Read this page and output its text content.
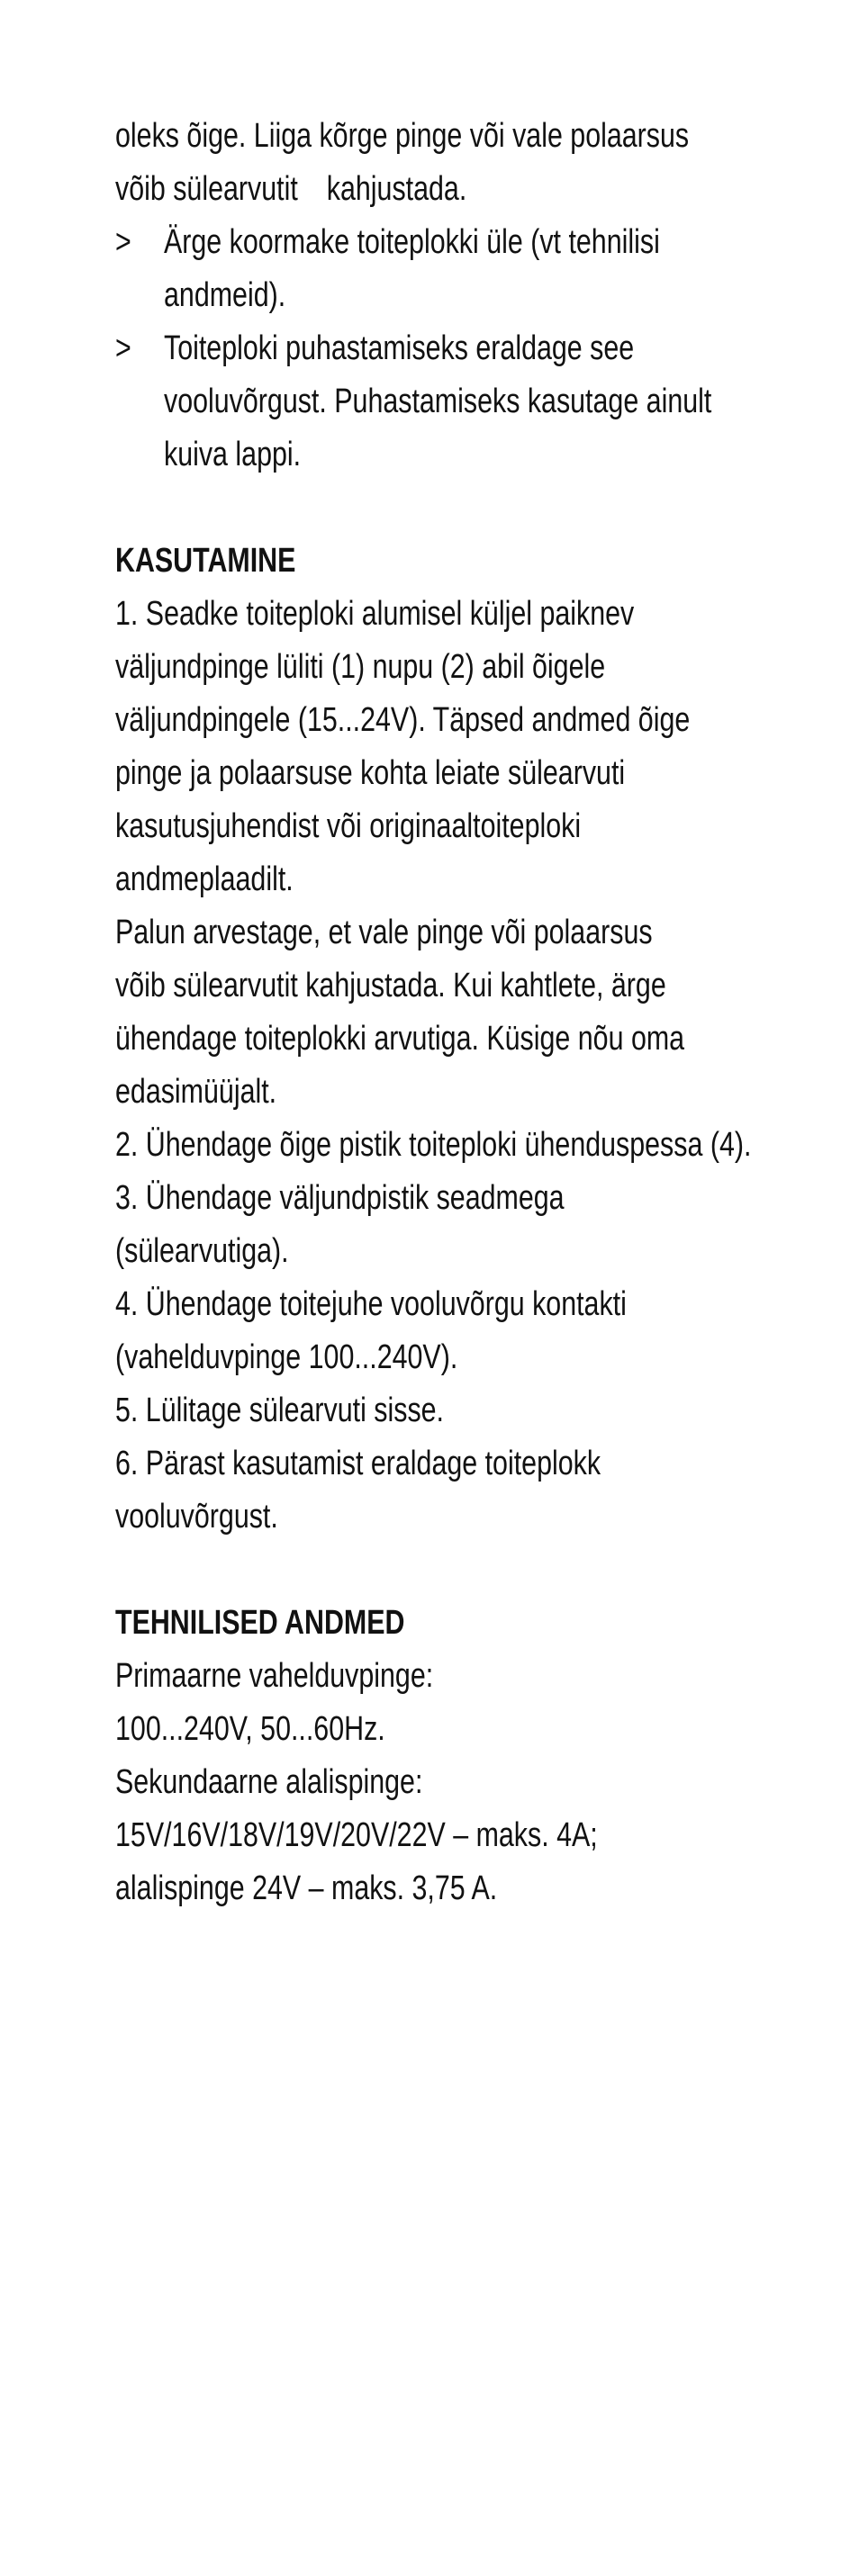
oleks õige. Liiga kõrge pinge või vale polaarsus
võib sülearvutit kahjustada.
> Ärge koormake toiteplokki üle (vt tehnilisi
andmeid).
> Toiteploki puhastamiseks eraldage see
vooluvõrgust. Puhastamiseks kasutage ainult
kuiva lappi.
KASUTAMINE
1. Seadke toiteploki alumisel küljel paiknev
väljundpinge lüliti (1) nupu (2) abil õigele
väljundpingele (15...24V). Täpsed andmed õige
pinge ja polaarsuse kohta leiate sülearvuti
kasutusjuhendist või originaaltoiteploki
andmeplaadilt.
Palun arvestage, et vale pinge või polaarsus
võib sülearvutit kahjustada. Kui kahtlete, ärge
ühendage toiteplokki arvutiga. Küsige nõu oma
edasimüüjalt.
2. Ühendage õige pistik toiteploki ühenduspessa (4).
3. Ühendage väljundpistik seadmega
(sülearvutiga).
4. Ühendage toitejuhe vooluvõrgu kontakti
(vahelduvpinge 100...240V).
5. Lülitage sülearvuti sisse.
6. Pärast kasutamist eraldage toiteplokk
vooluvõrgust.
TEHNILISED ANDMED
Primaarne vahelduvpinge:
100...240V, 50...60Hz.
Sekundaarne alalispinge:
15V/16V/18V/19V/20V/22V – maks. 4A;
alalispinge 24V – maks. 3,75 A.
